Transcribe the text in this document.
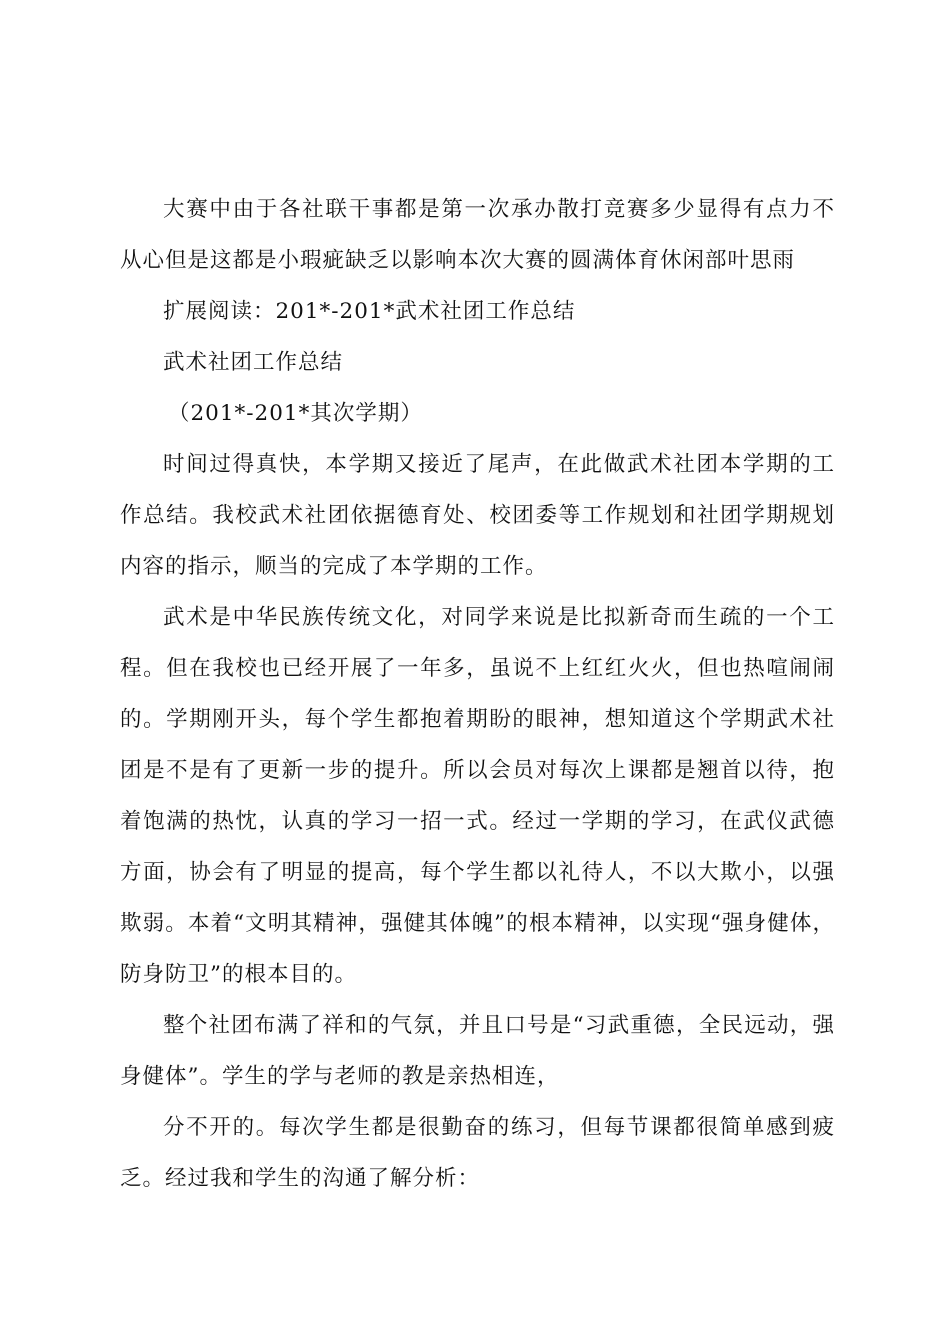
大赛中由于各社联干事都是第一次承办散打竞赛多少显得有点力不从心但是这都是小瑕疵缺乏以影响本次大赛的圆满体育休闲部叶思雨

扩展阅读：201*-201*武术社团工作总结

武术社团工作总结

（201*-201*其次学期）

时间过得真快，本学期又接近了尾声，在此做武术社团本学期的工作总结。我校武术社团依据德育处、校团委等工作规划和社团学期规划内容的指示，顺当的完成了本学期的工作。

武术是中华民族传统文化，对同学来说是比拟新奇而生疏的一个工程。但在我校也已经开展了一年多，虽说不上红红火火，但也热喧闹闹的。学期刚开头，每个学生都抱着期盼的眼神，想知道这个学期武术社团是不是有了更新一步的提升。所以会员对每次上课都是翘首以待，抱着饱满的热忱，认真的学习一招一式。经过一学期的学习，在武仪武德方面，协会有了明显的提高，每个学生都以礼待人，不以大欺小，以强欺弱。本着“文明其精神，强健其体魄”的根本精神，以实现“强身健体，防身防卫”的根本目的。

整个社团布满了祥和的气氛，并且口号是“习武重德，全民远动，强身健体”。学生的学与老师的教是亲热相连，

分不开的。每次学生都是很勤奋的练习，但每节课都很简单感到疲乏。经过我和学生的沟通了解分析：
